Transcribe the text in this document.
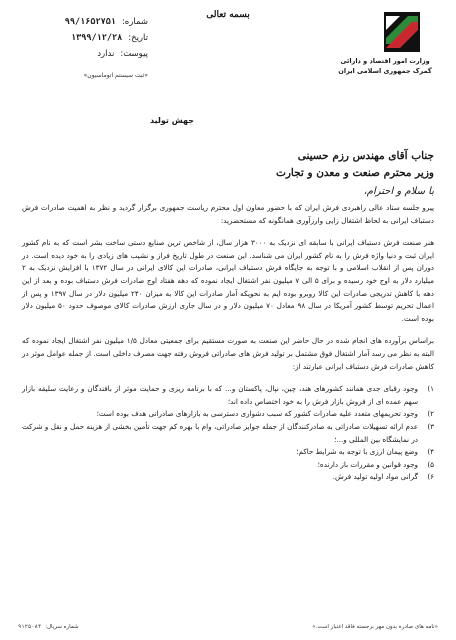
بسمه تعالی
وزارت امور اقتصاد و دارائی
گمرک جمهوری اسلامی ایران
شماره:
۹۹/۱۶۵۲۷۵۱
تاریخ:
۱۳۹۹/۱۲/۲۸
پیوست:
ندارد
«ثبت سیستم اتوماسیون»
جهش تولید
جناب آقای مهندس رزم حسینی
وزیر محترم صنعت و معدن و تجارت
با سلام و احترام،

پیرو جلسه ستاد عالی راهبردی فرش ایران که با حضور معاون اول محترم ریاست جمهوری برگزار گردید و نظر به اهمیت صادرات فرش دستباف ایرانی به لحاظ اشتغال زایی وارزآوری همانگونه که مستحضرید:

هنر صنعت فرش دستباف ایرانی با سابقه ای نزدیک به ۳۰۰۰ هزار سال، از شاخص ترین صنایع دستی ساخت بشر است که به نام کشور ایران ثبت و دنیا واژه فرش را به نام کشور ایران می شناسد. این صنعت در طول تاریخ فراز و نشیب های زیادی را به خود دیده است. در دوران پس از انقلاب اسلامی و با توجه به جایگاه فرش دستباف ایرانی، صادرات این کالای ایرانی در سال ۱۳۷۲ با افزایش نزدیک به ۲ میلیارد دلار به اوج خود رسیده و برای ۵ الی ۷ میلیون نفر اشتغال ایجاد نموده که دهه هفتاد اوج صادرات فرش دستباف بوده و بعد از این دهه با کاهش تدریجی صادرات این کالا روبرو بوده ایم به نحویکه آمار صادرات این کالا به میزان ۲۴۰ میلیون دلار در سال ۱۳۹۷ و پس از اعمال تحریم توسط کشور آمریکا در سال ۹۸ معادل ۷۰ میلیون دلار و در سال جاری ارزش صادرات کالای موصوف حدود ۵۰ میلیون دلار بوده است.

براساس برآورده های انجام شده در حال حاضر این صنعت به صورت مستقیم برای جمعیتی معادل ۱/۵ میلیون نفر اشتغال ایجاد نموده که البته به نظر می رسد آمار اشتغال فوق مشتمل بر تولید فرش های صادراتی فروش رفته جهت مصرف داخلی است. از جمله عوامل موثر در کاهش صادرات فرش دستباف ایرانی عبارتند از:

۱)
وجود رقبای جدی همانند کشورهای هند، چین، نپال، پاکستان و... که با برنامه ریزی و حمایت موثر از بافندگان و رعایت سلیقه بازار سهم عمده ای از فروش بازار فرش را به خود اختصاص داده اند؛
۲)
وجود تحریمهای متعدد علیه صادرات کشور که سبب دشواری دسترسی به بازارهای صادراتی هدف بوده است؛
۳)
عدم ارائه تسهیلات صادراتی به صادرکنندگان از جمله جوایز صادراتی، وام با بهره کم جهت تأمین بخشی از هزینه حمل و نقل و شرکت در نمایشگاه بین المللی و...؛
۴)
وضع پیمان ارزی با توجه به شرایط حاکم؛
۵)
وجود قوانین و مقررات باز دارنده؛
۶)
گرانی مواد اولیه تولید فرش.
«نامه های صادره بدون مهر برجسته فاقد اعتبار است.»
شماره سریال:
۹۱۲۵۰۸۴
